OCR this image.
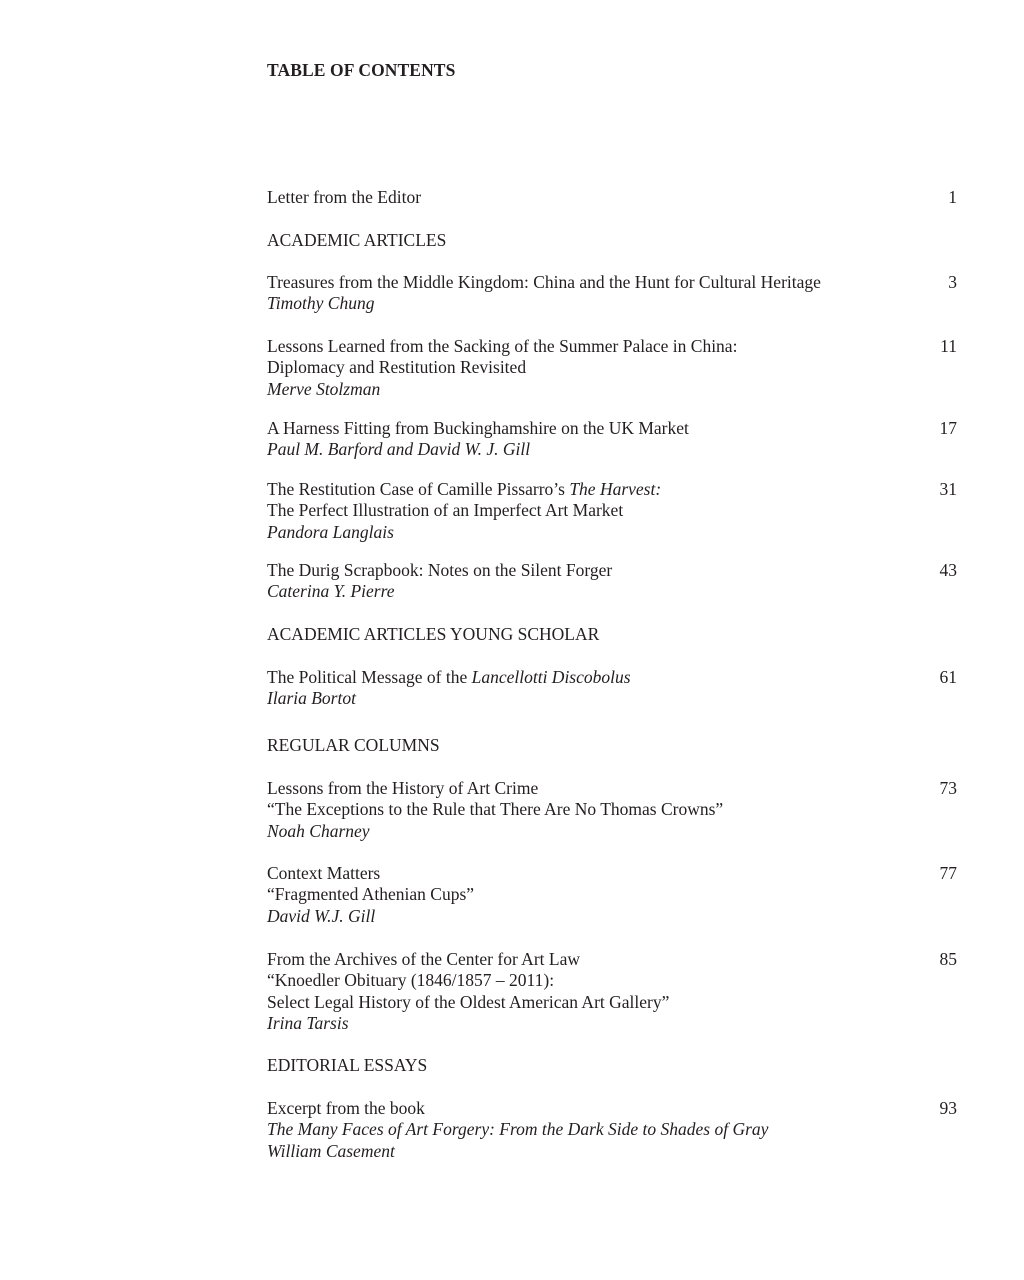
TABLE OF CONTENTS
Letter from the Editor	1
ACADEMIC ARTICLES
Treasures from the Middle Kingdom: China and the Hunt for Cultural Heritage
Timothy Chung
3
Lessons Learned from the Sacking of the Summer Palace in China:
Diplomacy and Restitution Revisited
Merve Stolzman
11
A Harness Fitting from Buckinghamshire on the UK Market
Paul M. Barford and David W. J. Gill
17
The Restitution Case of Camille Pissarro’s The Harvest:
The Perfect Illustration of an Imperfect Art Market
Pandora Langlais
31
The Durig Scrapbook: Notes on the Silent Forger
Caterina Y. Pierre
43
ACADEMIC ARTICLES YOUNG SCHOLAR
The Political Message of the Lancellotti Discobolus
Ilaria Bortot
61
REGULAR COLUMNS
Lessons from the History of Art Crime
“The Exceptions to the Rule that There Are No Thomas Crowns”
Noah Charney
73
Context Matters
“Fragmented Athenian Cups”
David W.J. Gill
77
From the Archives of the Center for Art Law
“Knoedler Obituary (1846/1857 – 2011):
Select Legal History of the Oldest American Art Gallery”
Irina Tarsis
85
EDITORIAL ESSAYS
Excerpt from the book
The Many Faces of Art Forgery: From the Dark Side to Shades of Gray
William Casement
93
